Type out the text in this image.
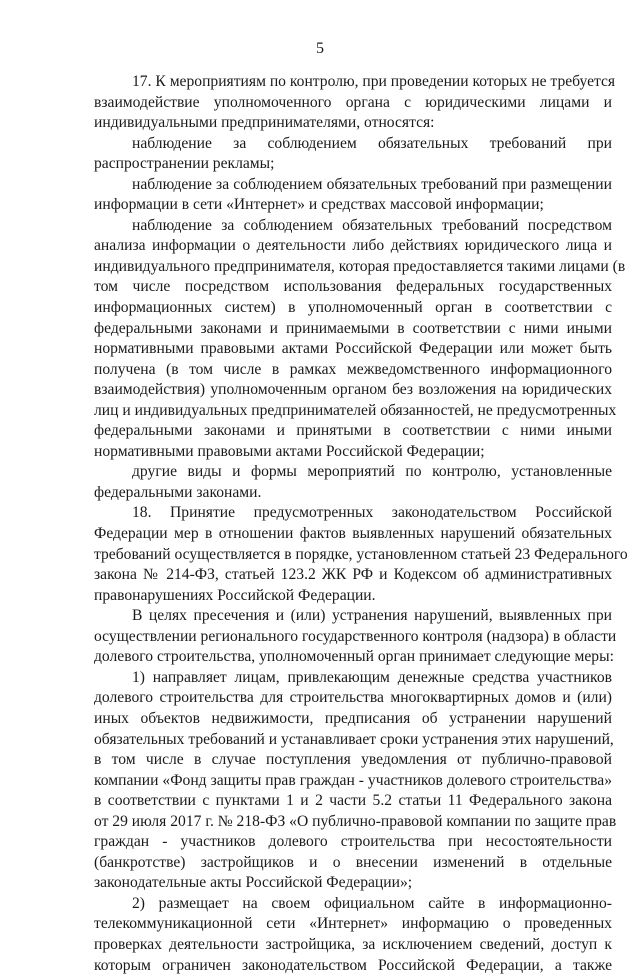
5
17. К мероприятиям по контролю, при проведении которых не требуется
взаимодействие уполномоченного органа с юридическими лицами и
индивидуальными предпринимателями, относятся:
наблюдение за соблюдением обязательных требований при
распространении рекламы;
наблюдение за соблюдением обязательных требований при размещении
информации в сети «Интернет» и средствах массовой информации;
наблюдение за соблюдением обязательных требований посредством
анализа информации о деятельности либо действиях юридического лица и
индивидуального предпринимателя, которая предоставляется такими лицами (в
том числе посредством использования федеральных государственных
информационных систем) в уполномоченный орган в соответствии с
федеральными законами и принимаемыми в соответствии с ними иными
нормативными правовыми актами Российской Федерации или может быть
получена (в том числе в рамках межведомственного информационного
взаимодействия) уполномоченным органом без возложения на юридических
лиц и индивидуальных предпринимателей обязанностей, не предусмотренных
федеральными законами и принятыми в соответствии с ними иными
нормативными правовыми актами Российской Федерации;
другие виды и формы мероприятий по контролю, установленные
федеральными законами.
18. Принятие предусмотренных законодательством Российской
Федерации мер в отношении фактов выявленных нарушений обязательных
требований осуществляется в порядке, установленном статьей 23 Федерального
закона № 214-ФЗ, статьей 123.2 ЖК РФ и Кодексом об административных
правонарушениях Российской Федерации.
В целях пресечения и (или) устранения нарушений, выявленных при
осуществлении регионального государственного контроля (надзора) в области
долевого строительства, уполномоченный орган принимает следующие меры:
1) направляет лицам, привлекающим денежные средства участников
долевого строительства для строительства многоквартирных домов и (или)
иных объектов недвижимости, предписания об устранении нарушений
обязательных требований и устанавливает сроки устранения этих нарушений,
в том числе в случае поступления уведомления от публично-правовой
компании «Фонд защиты прав граждан - участников долевого строительства»
в соответствии с пунктами 1 и 2 части 5.2 статьи 11 Федерального закона
от 29 июля 2017 г. № 218-ФЗ «О публично-правовой компании по защите прав
граждан - участников долевого строительства при несостоятельности
(банкротстве) застройщиков и о внесении изменений в отдельные
законодательные акты Российской Федерации»;
2) размещает на своем официальном сайте в информационно-
телекоммуникационной сети «Интернет» информацию о проведенных
проверках деятельности застройщика, за исключением сведений, доступ к
которым ограничен законодательством Российской Федерации, а также
